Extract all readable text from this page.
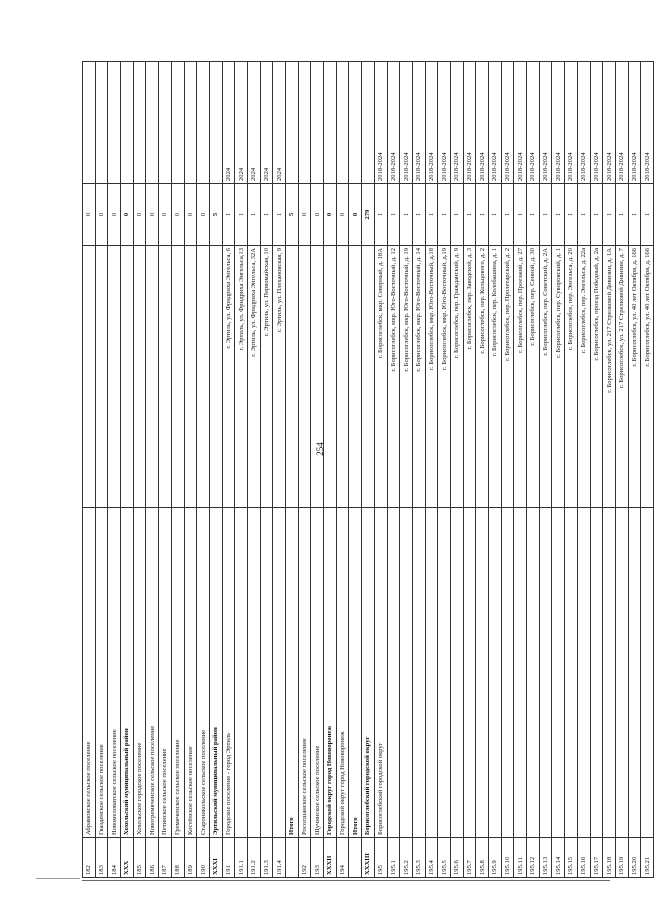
254
182	Абрамовское сельское поселение		0	
183	Гвазденское сельское поселение		0	
184	Новомеловатское сельское поселение		0	
XXX	Хохольский муниципальный район		0	
185	Хохольское городское поселение		0	
186	Новогремяченское сельское поселение		0	
187	Петинское сельское поселение		0	
188	Гремяченское сельское поселение		0	
189	Костёнское сельское поселение		0	
190	Староникольское сельское поселение		0	
XXXI	Эртильский муниципальный район		5	
191	Городское поселение - город Эртиль	г. Эртиль, ул. Фридриха Энгельса, 6	1	2024
191.1		г. Эртиль, ул. Фридриха Энгельса,13	1	2024
191.2		г. Эртиль, ул. Фридриха Энгельса, 32А	1	2024
191.3		г. Эртиль, ул. Первомайская, 10	1	2024
191.4		г. Эртиль, ул. Плехановская, 9	1	2024
	Итого		5	
192	Рососшанское сельское поселение		0	
193	Щучинское сельское поселение		0	
XXXII	Городской округ город Нововоронеж		0	
194	Городской округ город Нововоронеж		0	
	Итого		0	
XXXIII	Борисоглебский городской округ		279	
195	Борисоглебский городской округ	г. Борисоглебск, мкр. Северный, д. 18А	1	2018-2024
195.1		г. Борисоглебск, мкр. Юго-Восточный, д. 12	1	2018-2024
195.2		г. Борисоглебск, мкр. Юго-Восточный, д. 19	1	2018-2024
195.3		г. Борисоглебск, мкр. Юго-Восточный, д. 14	1	2018-2024
195.4		г. Борисоглебск, мкр. Юго-Восточный, д.18	1	2018-2024
195.5		г. Борисоглебск, мкр. Юго-Восточный, д.19	1	2018-2024
195.6		г. Борисоглебск, пер. Гражданский, д. 9	1	2018-2024
195.7		г. Борисоглебск, пер. Заводской, д. 3	1	2018-2024
195.8		г. Борисоглебск, пер. Кольцового, д. 2	1	2018-2024
195.9		г. Борисоглебск, пер. Колобашина, д. 1	1	2018-2024
195.10		г. Борисоглебск, пер. Пролетарский, д. 2	1	2018-2024
195.11		г. Борисоглебск, пер. Проезжий, д. 27	1	2018-2024
195.12		г. Борисоглебск, пер. Сенной, д. 30	1	2018-2024
195.13		г. Борисоглебск, пер. Советский, д. 2А	1	2018-2024
195.14		г. Борисоглебск, пер. Суворовский, д. 1	1	2018-2024
195.15		г. Борисоглебск, пер. Энгельса, д. 20	1	2018-2024
195.16		г. Борисоглебск, пер. Энгельса, д. 22а	1	2018-2024
195.17		г. Борисоглебск, проезд Победный, д. 2а	1	2018-2024
195.18		г. Борисоглебск, ул. 217 Стрелковой Дивизии, д. 1А	1	2018-2024
195.19		г. Борисоглебск, ул. 217 Стрелковой Дивизии, д. 7	1	2018-2024
195.20		г. Борисоглебск, ул. 40 лет Октября, д. 166	1	2018-2024
195.21		г. Борисоглебск, ул. 40 лет Октября, д. 166	1	2018-2024
